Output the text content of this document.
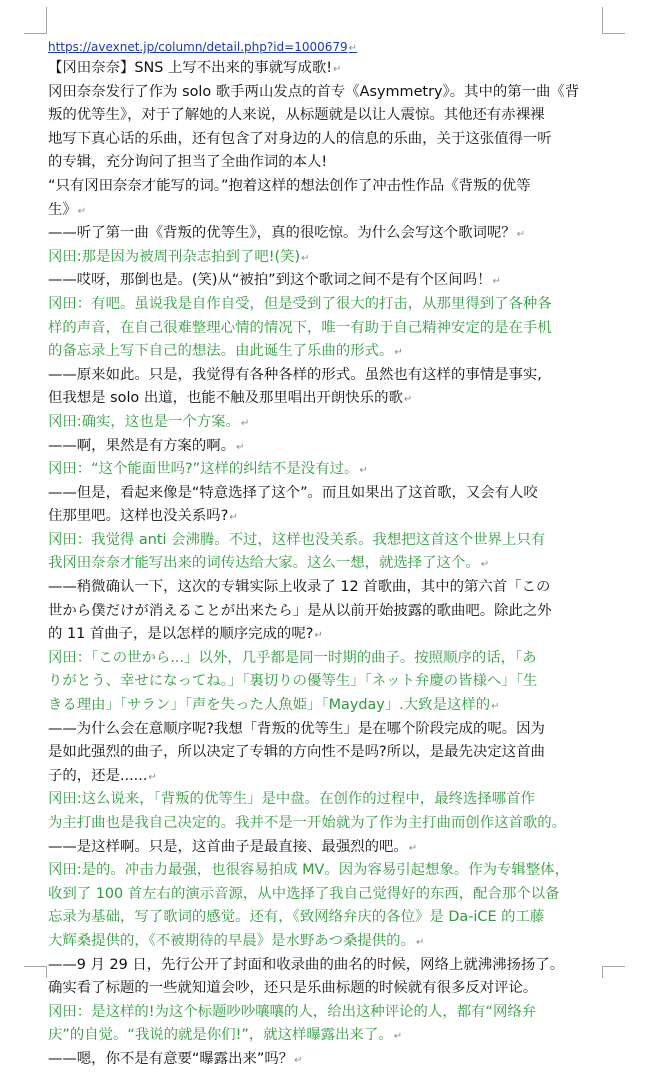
https://avexnet.jp/column/detail.php?id=1000679↵
【冈田奈奈】SNS 上写不出来的事就写成歌!↵
冈田奈奈发行了作为 solo 歌手两山发点的首专《Asymmetry》。其中的第一曲《背
叛的优等生》，对于了解她的人来说，从标题就是以让人震惊。其他还有赤裸裸
地写下真心话的乐曲，还有包含了对身边的人的信息的乐曲，关于这张值得一听
的专辑，充分询问了担当了全曲作词的本人!
“只有冈田奈奈才能写的词。”抱着这样的想法创作了冲击性作品《背叛的优等
生》↵
——听了第一曲《背叛的优等生》，真的很吃惊。为什么会写这个歌词呢？↵
冈田:那是因为被周刊杂志拍到了吧!(笑)↵
——哎呀，那倒也是。(笑)从“被拍”到这个歌词之间不是有个区间吗！↵
冈田：有吧。虽说我是自作自受，但是受到了很大的打击，从那里得到了各种各
样的声音，在自己很难整理心情的情况下，唯一有助于自己精神安定的是在手机
的备忘录上写下自己的想法。由此诞生了乐曲的形式。↵
——原来如此。只是，我觉得有各种各样的形式。虽然也有这样的事情是事实,
但我想是 solo 出道，也能不触及那里唱出开朗快乐的歌↵
冈田:确实，这也是一个方案。↵
——啊，果然是有方案的啊。↵
冈田：“这个能面世吗?”这样的纠结不是没有过。↵
——但是，看起来像是“特意选择了这个”。而且如果出了这首歌，又会有人咬
住那里吧。这样也没关系吗?↵
冈田：我觉得 anti 会沸腾。不过，这样也没关系。我想把这首这个世界上只有
我冈田奈奈才能写出来的词传达给大家。这么一想，就选择了这个。↵
——稍微确认一下，这次的专辑实际上收录了 12 首歌曲，其中的第六首「この
世から僕だけが消えることが出来たら」是从以前开始披露的歌曲吧。除此之外
的 11 首曲子，是以怎样的顺序完成的呢?↵
冈田：「この世から...」以外，几乎都是同一时期的曲子。按照顺序的话，「あ
りがとう、幸せになってね。」「裏切りの優等生」「ネット弁慶の皆様へ」「生
きる理由」「サラン」「声を失った人魚姫」「Mayday」.大致是这样的↵
——为什么会在意顺序呢?我想「背叛的优等生」是在哪个阶段完成的呢。因为
是如此强烈的曲子，所以决定了专辑的方向性不是吗?所以，是最先决定这首曲
子的，还是......↵
冈田:这么说来，「背叛的优等生」是中盘。在创作的过程中，最终选择哪首作
为主打曲也是我自己决定的。我并不是一开始就为了作为主打曲而创作这首歌的。
——是这样啊。只是，这首曲子是最直接、最强烈的吧。↵
冈田:是的。冲击力最强，也很容易拍成 MV。因为容易引起想象。作为专辑整体，
收到了 100 首左右的演示音源，从中选择了我自己觉得好的东西，配合那个以备
忘录为基础，写了歌词的感觉。还有，《致网络弁庆的各位》是 Da-iCE 的工藤
大辉桑提供的，《不被期待的早晨》是水野あつ桑提供的。↵
——9 月 29 日，先行公开了封面和收录曲的曲名的时候，网络上就沸沸扬扬了。
确实看了标题的一些就知道会吵，还只是乐曲标题的时候就有很多反对评论。
冈田：是这样的!为这个标题吵吵嚷嚷的人，给出这种评论的人，都有“网络弁
庆”的自觉。“我说的就是你们!”，就这样曝露出来了。↵
——嗯，你不是有意要“曝露出来”吗？↵
